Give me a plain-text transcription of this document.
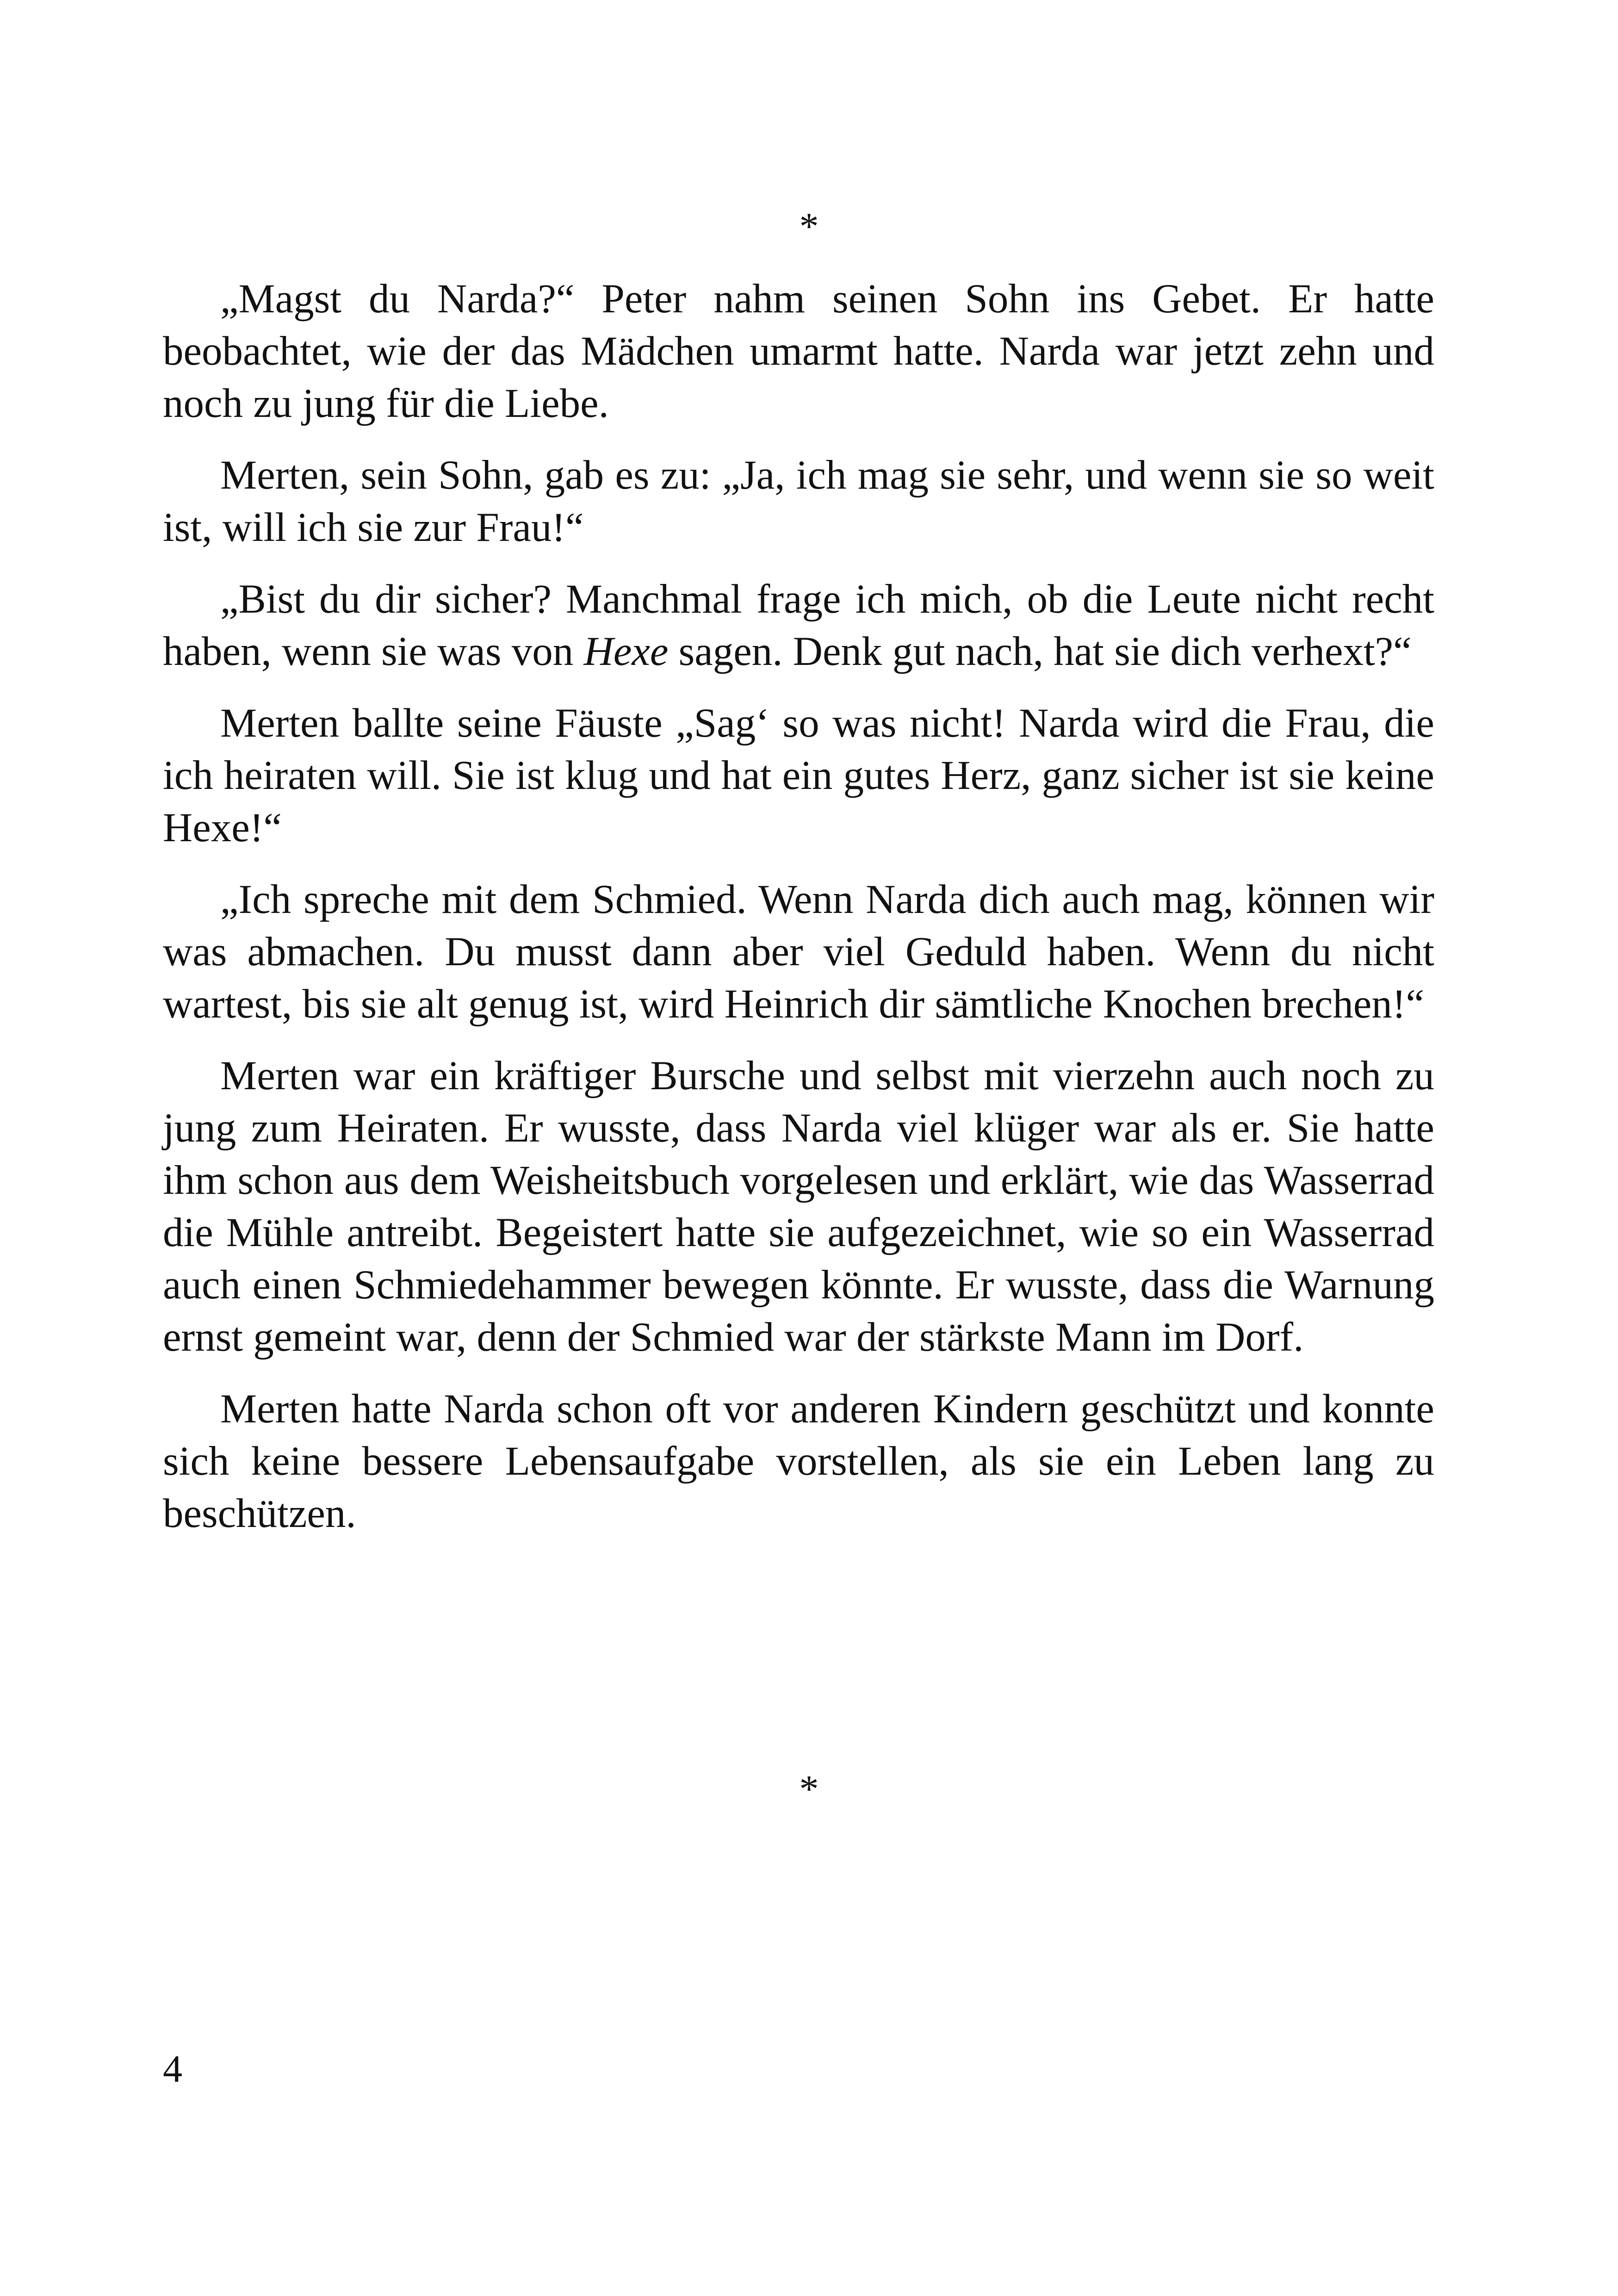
*

„Magst du Narda?“ Peter nahm seinen Sohn ins Gebet. Er hatte beobachtet, wie der das Mädchen umarmt hatte. Narda war jetzt zehn und noch zu jung für die Liebe.

Merten, sein Sohn, gab es zu: „Ja, ich mag sie sehr, und wenn sie so weit ist, will ich sie zur Frau!“

„Bist du dir sicher? Manchmal frage ich mich, ob die Leute nicht recht haben, wenn sie was von Hexe sagen. Denk gut nach, hat sie dich verhext?“

Merten ballte seine Fäuste „Sag‘ so was nicht! Narda wird die Frau, die ich heiraten will. Sie ist klug und hat ein gutes Herz, ganz sicher ist sie keine Hexe!“

„Ich spreche mit dem Schmied. Wenn Narda dich auch mag, können wir was abmachen. Du musst dann aber viel Geduld haben. Wenn du nicht wartest, bis sie alt genug ist, wird Heinrich dir sämtliche Knochen brechen!“

Merten war ein kräftiger Bursche und selbst mit vierzehn auch noch zu jung zum Heiraten. Er wusste, dass Narda viel klüger war als er. Sie hatte ihm schon aus dem Weisheitsbuch vorgelesen und erklärt, wie das Wasserrad die Mühle antreibt. Begeistert hatte sie aufgezeichnet, wie so ein Wasserrad auch einen Schmiedehammer bewegen könnte. Er wusste, dass die Warnung ernst gemeint war, denn der Schmied war der stärkste Mann im Dorf.

Merten hatte Narda schon oft vor anderen Kindern geschützt und konnte sich keine bessere Lebensaufgabe vorstellen, als sie ein Leben lang zu beschützen.

*
4
